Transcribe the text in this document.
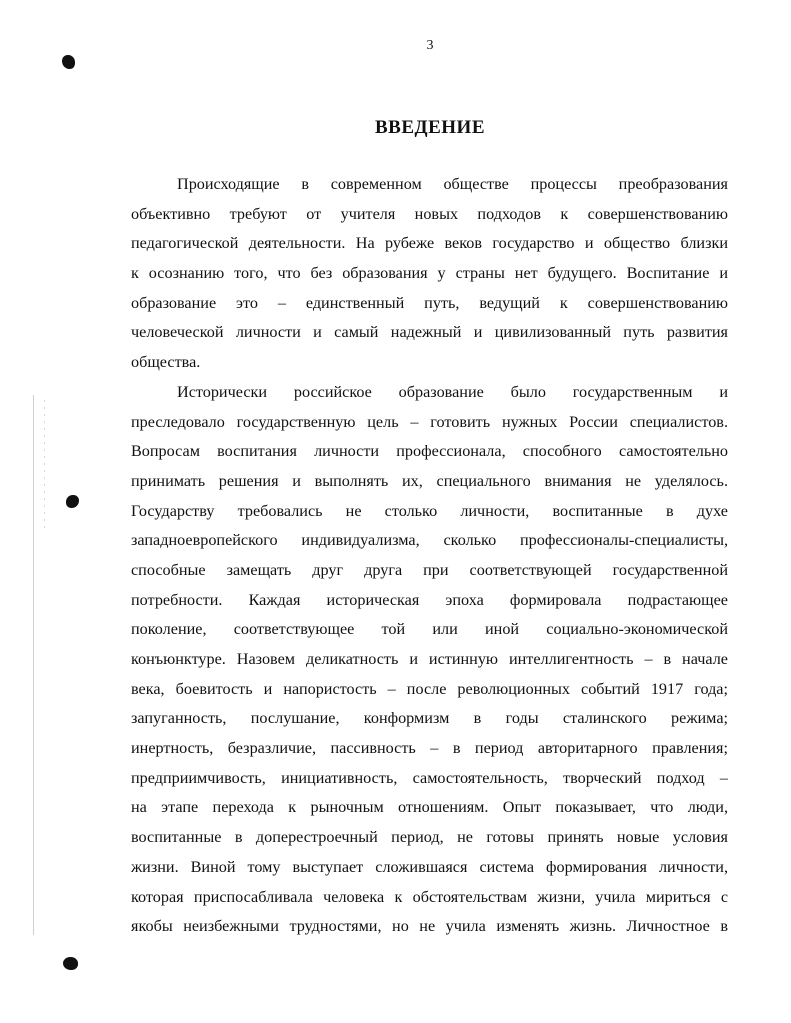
3
ВВЕДЕНИЕ
Происходящие в современном обществе процессы преобразования
объективно требуют от учителя новых подходов к совершенствованию
педагогической деятельности. На рубеже веков государство и общество близки
к осознанию того, что без образования у страны нет будущего. Воспитание и
образование это – единственный путь, ведущий к совершенствованию
человеческой личности и самый надежный и цивилизованный путь развития
общества.
Исторически российское образование было государственным и
преследовало государственную цель – готовить нужных России специалистов.
Вопросам воспитания личности профессионала, способного самостоятельно
принимать решения и выполнять их, специального внимания не уделялось.
Государству требовались не столько личности, воспитанные в духе
западноевропейского индивидуализма, сколько профессионалы-специалисты,
способные замещать друг друга при соответствующей государственной
потребности. Каждая историческая эпоха формировала подрастающее
поколение, соответствующее той или иной социально-экономической
конъюнктуре. Назовем деликатность и истинную интеллигентность – в начале
века, боевитость и напористость – после революционных событий 1917 года;
запуганность, послушание, конформизм в годы сталинского режима;
инертность, безразличие, пассивность – в период авторитарного правления;
предприимчивость, инициативность, самостоятельность, творческий подход –
на этапе перехода к рыночным отношениям. Опыт показывает, что люди,
воспитанные в доперестроечный период, не готовы принять новые условия
жизни. Виной тому выступает сложившаяся система формирования личности,
которая приспосабливала человека к обстоятельствам жизни, учила мириться с
якобы неизбежными трудностями, но не учила изменять жизнь. Личностное в
